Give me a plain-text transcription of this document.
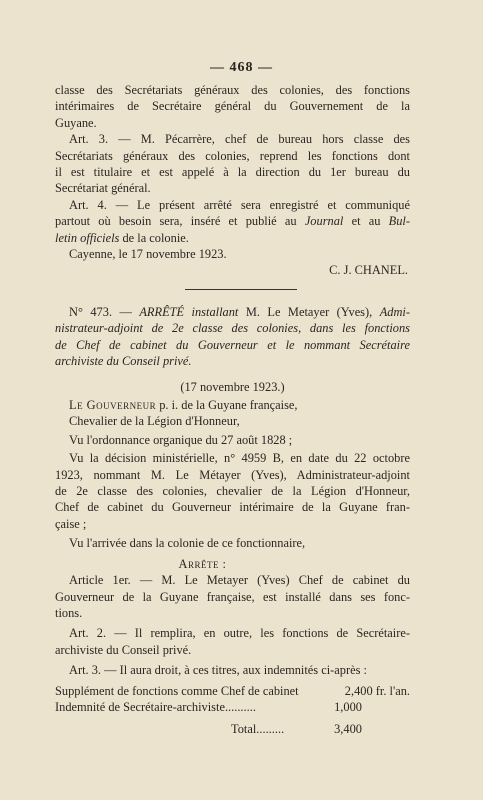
— 468 —
classe des Secrétariats généraux des colonies, des fonctions
intérimaires de Secrétaire général du Gouvernement de la
Guyane.
Art. 3. — M. Pécarrère, chef de bureau hors classe des
Secrétariats généraux des colonies, reprend les fonctions dont
il est titulaire et est appelé à la direction du 1er bureau du
Secrétariat général.
Art. 4. — Le présent arrêté sera enregistré et communiqué
partout où besoin sera, inséré et publié au Journal et au Bul-
letin officiels de la colonie.
Cayenne, le 17 novembre 1923.
C. J. CHANEL.
N° 473. — ARRÊTÉ installant M. Le Metayer (Yves), Admi-
nistrateur-adjoint de 2e classe des colonies, dans les fonctions
de Chef de cabinet du Gouverneur et le nommant Secrétaire
archiviste du Conseil privé.
(17 novembre 1923.)
Le Gouverneur p. i. de la Guyane française,
Chevalier de la Légion d'Honneur,
Vu l'ordonnance organique du 27 août 1828 ;
Vu la décision ministérielle, n° 4959 B, en date du 22 octobre
1923, nommant M. Le Métayer (Yves), Administrateur-adjoint
de 2e classe des colonies, chevalier de la Légion d'Honneur,
Chef de cabinet du Gouverneur intérimaire de la Guyane fran-
çaise ;
Vu l'arrivée dans la colonie de ce fonctionnaire,
Arrête :
Article 1er. — M. Le Metayer (Yves) Chef de cabinet du
Gouverneur de la Guyane française, est installé dans ses fonc-
tions.
Art. 2. — Il remplira, en outre, les fonctions de Secrétaire-
archiviste du Conseil privé.
Art. 3. — Il aura droit, à ces titres, aux indemnités ci-après :
Supplément de fonctions comme Chef de cabinet	2,400 fr. l'an.
Indemnité de Secrétaire-archiviste..........	1,000
Total.........	3,400
